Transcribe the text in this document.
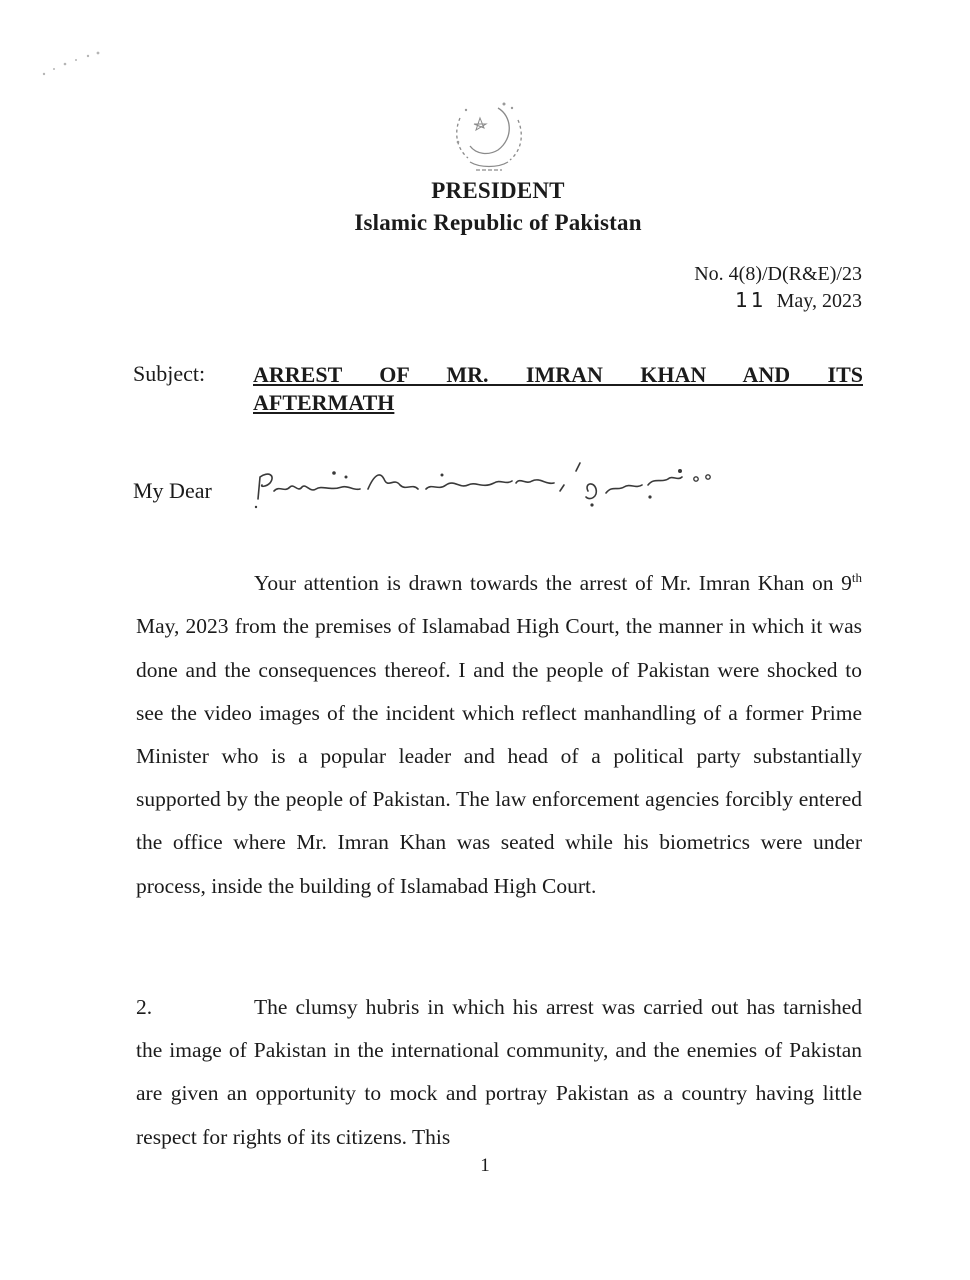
PRESIDENT
Islamic Republic of Pakistan
No. 4(8)/D(R&E)/23
11 May, 2023
Subject: ARREST OF MR. IMRAN KHAN AND ITS
AFTERMATH
My Dear

Your attention is drawn towards the arrest of Mr. Imran Khan on 9th May, 2023 from the premises of Islamabad High Court, the manner in which it was done and the consequences thereof. I and the people of Pakistan were shocked to see the video images of the incident which reflect manhandling of a former Prime Minister who is a popular leader and head of a political party substantially supported by the people of Pakistan. The law enforcement agencies forcibly entered the office where Mr. Imran Khan was seated while his biometrics were under process, inside the building of Islamabad High Court.

2.	The clumsy hubris in which his arrest was carried out has tarnished the image of Pakistan in the international community, and the enemies of Pakistan are given an opportunity to mock and portray Pakistan as a country having little respect for rights of its citizens. This

1
